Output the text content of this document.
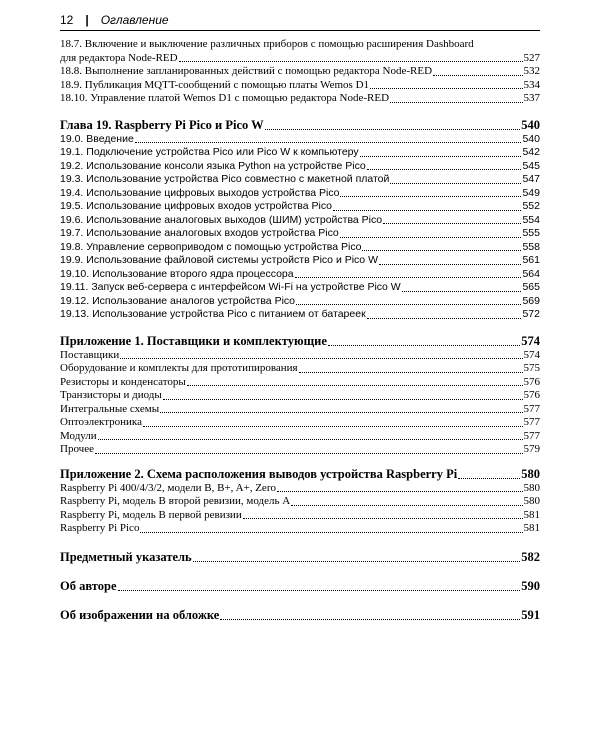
12 | Оглавление
18.7. Включение и выключение различных приборов с помощью расширения Dashboard
для редактора Node-RED	527
18.8. Выполнение запланированных действий с помощью редактора Node-RED	532
18.9. Публикация MQTT-сообщений с помощью платы Wemos D1	534
18.10. Управление платой Wemos D1 с помощью редактора Node-RED	537
Глава 19. Raspberry Pi Pico и Pico W	540
19.0. Введение	540
19.1. Подключение устройства Pico или Pico W к компьютеру	542
19.2. Использование консоли языка Python на устройстве Pico	545
19.3. Использование устройства Pico совместно с макетной платой	547
19.4. Использование цифровых выходов устройства Pico	549
19.5. Использование цифровых входов устройства Pico	552
19.6. Использование аналоговых выходов (ШИМ) устройства Pico	554
19.7. Использование аналоговых входов устройства Pico	555
19.8. Управление сервоприводом с помощью устройства Pico	558
19.9. Использование файловой системы устройств Pico и Pico W	561
19.10. Использование второго ядра процессора	564
19.11. Запуск веб-сервера с интерфейсом Wi-Fi на устройстве Pico W	565
19.12. Использование аналогов устройства Pico	569
19.13. Использование устройства Pico с питанием от батареек	572
Приложение 1. Поставщики и комплектующие	574
Поставщики	574
Оборудование и комплекты для прототипирования	575
Резисторы и конденсаторы	576
Транзисторы и диоды	576
Интегральные схемы	577
Оптоэлектроника	577
Модули	577
Прочее	579
Приложение 2. Схема расположения выводов устройства Raspberry Pi	580
Raspberry Pi 400/4/3/2, модели B, B+, A+, Zero	580
Raspberry Pi, модель B второй ревизии, модель A	580
Raspberry Pi, модель B первой ревизии	581
Raspberry Pi Pico	581
Предметный указатель	582
Об авторе	590
Об изображении на обложке	591
